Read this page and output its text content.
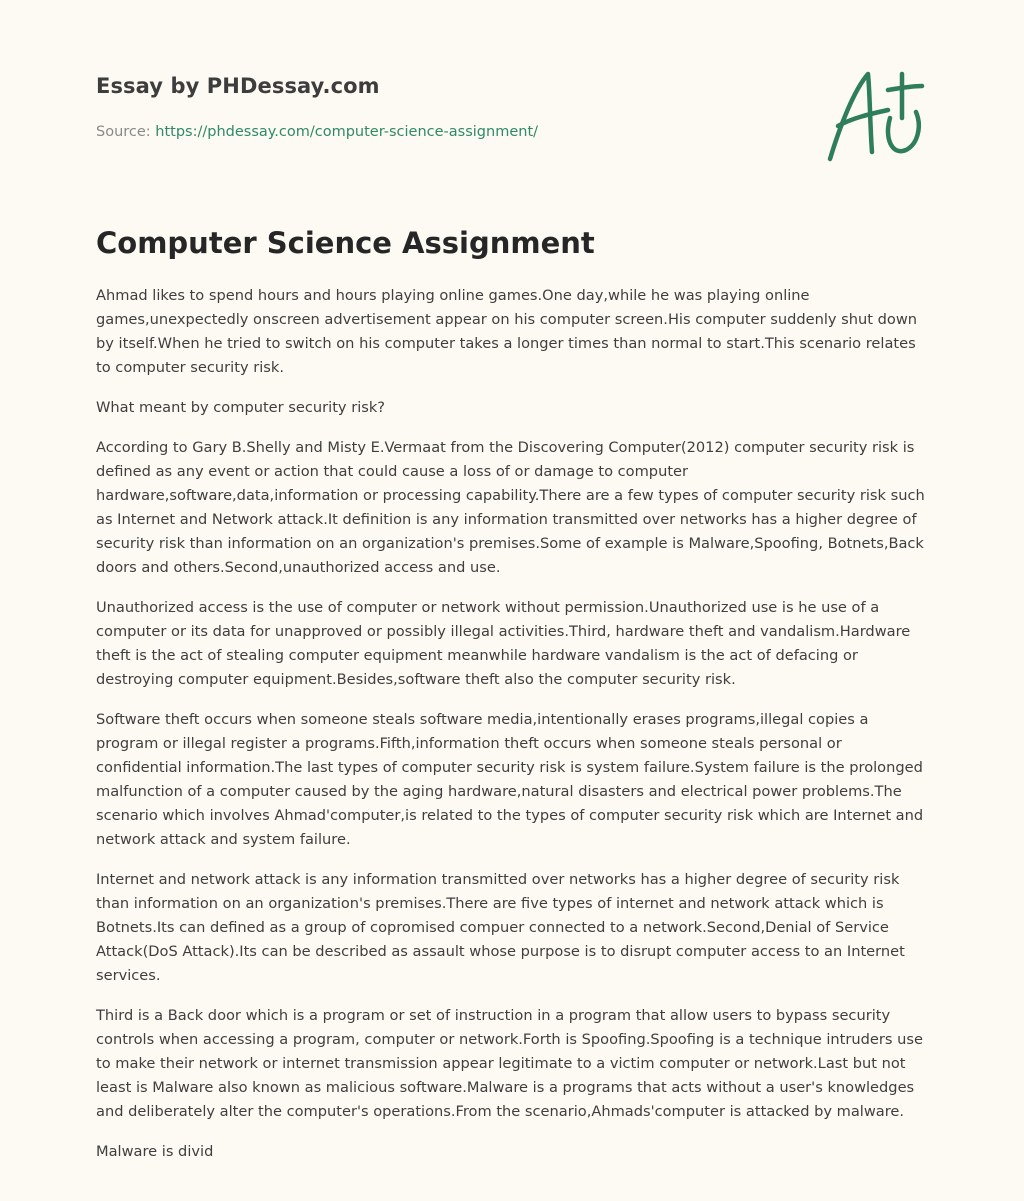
Essay by PHDessay.com
Source: https://phdessay.com/computer-science-assignment/
Computer Science Assignment

Ahmad likes to spend hours and hours playing online games.One day,while he was playing online games,unexpectedly onscreen advertisement appear on his computer screen.His computer suddenly shut down by itself.When he tried to switch on his computer takes a longer times than normal to start.This scenario relates to computer security risk.

What meant by computer security risk?

According to Gary B.Shelly and Misty E.Vermaat from the Discovering Computer(2012) computer security risk is defined as any event or action that could cause a loss of or damage to computer hardware,software,data,information or processing capability.There are a few types of computer security risk such as Internet and Network attack.It definition is any information transmitted over networks has a higher degree of security risk than information on an organization's premises.Some of example is Malware,Spoofing, Botnets,Back doors and others.Second,unauthorized access and use.

Unauthorized access is the use of computer or network without permission.Unauthorized use is he use of a computer or its data for unapproved or possibly illegal activities.Third, hardware theft and vandalism.Hardware theft is the act of stealing computer equipment meanwhile hardware vandalism is the act of defacing or destroying computer equipment.Besides,software theft also the computer security risk.

Software theft occurs when someone steals software media,intentionally erases programs,illegal copies a program or illegal register a programs.Fifth,information theft occurs when someone steals personal or confidential information.The last types of computer security risk is system failure.System failure is the prolonged malfunction of a computer caused by the aging hardware,natural disasters and electrical power problems.The scenario which involves Ahmad'computer,is related to the types of computer security risk which are Internet and network attack and system failure.

Internet and network attack is any information transmitted over networks has a higher degree of security risk than information on an organization's premises.There are five types of internet and network attack which is Botnets.Its can defined as a group of copromised compuer connected to a network.Second,Denial of Service Attack(DoS Attack).Its can be described as assault whose purpose is to disrupt computer access to an Internet services.

Third is a Back door which is a program or set of instruction in a program that allow users to bypass security controls when accessing a program, computer or network.Forth is Spoofing.Spoofing is a technique intruders use to make their network or internet transmission appear legitimate to a victim computer or network.Last but not least is Malware also known as malicious software.Malware is a programs that acts without a user's knowledges and deliberately alter the computer's operations.From the scenario,Ahmads'computer is attacked by malware.

Malware is divid
